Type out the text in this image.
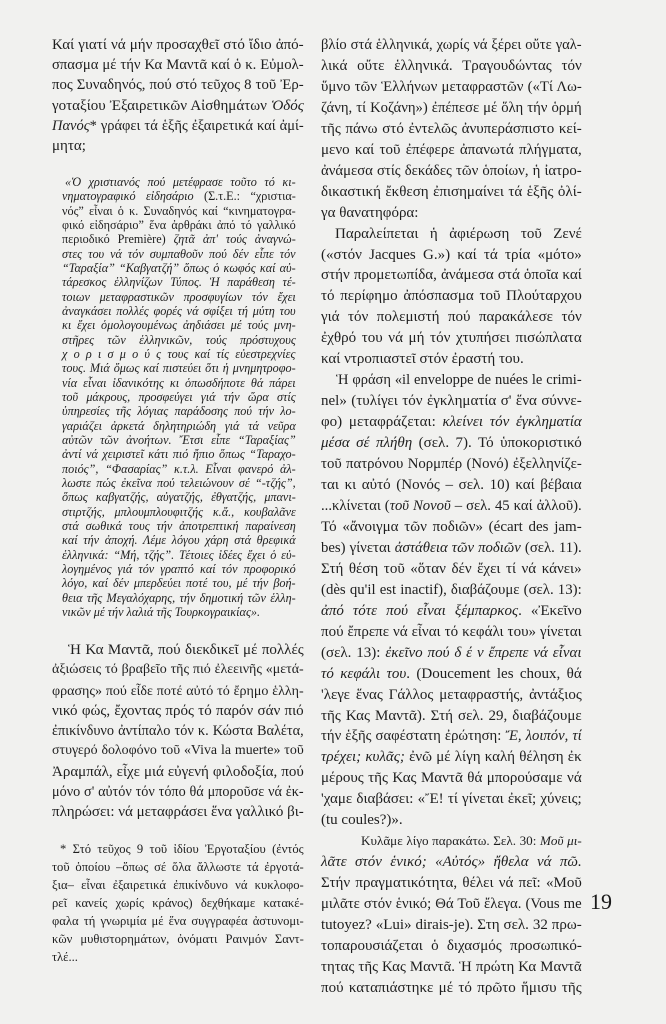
Καί γιατί νά μήν προσαχθεῖ στό ἴδιο ἀπό-
σπασμα μέ τήν Κα Μαντᾶ καί ὁ κ. Εὐμολ-
πος Συναδηνός, πού στό τεῦχος 8 τοῦ Ἐρ-
γοταξίου Ἐξαιρετικῶν Αἰσθημάτων Ὁδός
Πανός* γράφει τά ἑξῆς ἐξαιρετικά καί ἀμί-
μητα;
«Ὁ χριστιανός πού μετέφρασε τοῦτο τό κι-
νηματογραφικό εἰδησάριο (Σ.τ.Ε.: “χριστια-
νός” εἶναι ὁ κ. Συναδηνός καί “κινηματογρα-
φικό εἰδησάριο” ἕνα ἀρθράκι ἀπό τό γαλλικό
περιοδικό Première) ζητᾶ ἀπ' τούς ἀναγνώ-
στες του νά τόν συμπαθοῦν πού δέν εἶπε τόν
“Ταραξία” “Καβγατζή” ὅπως ὁ κωφός καί αὐ-
τάρεσκος ἑλληνίζων Τύπος. Ἡ παράθεση τέ-
τοιων μεταφραστικῶν προσφυγίων τόν ἔχει
ἀναγκάσει πολλές φορές νά σφίξει τή μύτη του
κι ἔχει ὁμολογουμένως ἀηδιάσει μέ τούς μνη-
στῆρες τῶν ἑλληνικῶν, τούς πρόστυχους
χ ο ρ ι σ μ ο ύ ς τους καί τίς εὐεστρεχνίες
τους. Μιά ὅμως καί πιστεύει ὅτι ἡ μνημητροφο-
νία εἶναι ἰδανικότης κι ὁπωσδήποτε θά πάρει
τοῦ μάκρους, προσφεύγει γιά τήν ὥρα στίς
ὑπηρεσίες τῆς λόγιας παράδοσης πού τήν λο-
γαριάζει ἀρκετά δηλητηριώδη γιά τά νεῦρα
αὐτῶν τῶν ἀνοήτων. Ἔτσι εἶπε “Ταραξίας”
ἀντί νά χειριστεῖ κάτι πιό ἤπιο ὅπως “Ταραχο-
ποιός”, “Φασαρίας” κ.τ.λ. Εἶναι φανερό ἀλ-
λωστε πώς ἐκεῖνα πού τελειώνουν σέ “-τζής”,
ὅπως καβγατζής, αὐγατζής, ἐθγατζής, μπανι-
στιρτζής, μπλουμπλουφιτζής κ.ἄ., κουβαλᾶνε
στά σωθικά τους τήν ἀποτρεπτική παραίνεση
καί τήν ἀποχή. Λέμε λόγου χάρη στά θρεφικά
ἑλληνικά: “Μή, τζής”. Τέτοιες ἰδέες ἔχει ὁ εὐ-
λογημένος γιά τόν γραπτό καί τόν προφορικό
λόγο, καί δέν μπερδεύει ποτέ του, μέ τήν βοή-
θεια τῆς Μεγαλόχαρης, τήν δημοτική τῶν ἑλλη-
νικῶν μέ τήν λαλιά τῆς Τουρκογραικίας».
Ἡ Κα Μαντᾶ, πού διεκδικεῖ μέ πολλές
ἀξιώσεις τό βραβεῖο τῆς πιό ἐλεεινῆς «μετά-
φρασης» πού εἶδε ποτέ αὐτό τό ἔρημο ἑλλη-
νικό φώς, ἔχοντας πρός τό παρόν σάν πιό
ἐπικίνδυνο ἀντίπαλο τόν κ. Κώστα Βαλέτα,
στυγερό δολοφόνο τοῦ «Viva la muerte» τοῦ
Ἀραμπάλ, εἶχε μιά εὐγενή φιλοδοξία, πού
μόνο σ' αὐτόν τόν τόπο θά μποροῦσε νά ἐκ-
πληρώσει: νά μεταφράσει ἕνα γαλλικό βι-
* Στό τεῦχος 9 τοῦ ἰδίου Ἐργοταξίου (ἐντός
τοῦ ὁποίου –ὅπως σέ ὅλα ἄλλωστε τά ἐργοτά-
ξια– εἶναι ἐξαιρετικά ἐπικίνδυνο νά κυκλοφο-
ρεῖ κανείς χωρίς κράνος) δεχθήκαμε κατακέ-
φαλα τή γνωριμία μέ ἕνα συγγραφέα ἀστυνομι-
κῶν μυθιστορημάτων, ὀνόματι Ραινμόν Σαντ-
τλέ...
βλίο στά ἑλληνικά, χωρίς νά ξέρει οὔτε γαλ-
λικά οὔτε ἑλληνικά. Τραγουδώντας τόν
ὕμνο τῶν Ἑλλήνων μεταφραστῶν («Τί Λω-
ζάνη, τί Κοζάνη») ἐπέπεσε μέ ὅλη τήν ὁρμή
τῆς πάνω στό ἐντελῶς ἀνυπεράσπιστο κεί-
μενο καί τοῦ ἐπέφερε ἀπανωτά πλήγματα,
ἀνάμεσα στίς δεκάδες τῶν ὁποίων, ἡ ἰατρο-
δικαστική ἔκθεση ἐπισημαίνει τά ἑξῆς ὀλί-
γα θανατηφόρα:
Παραλείπεται ἡ ἀφιέρωση τοῦ Ζενέ
(«στόν Jacques G.») καί τά τρία «μότο»
στήν προμετωπίδα, ἀνάμεσα στά ὁποῖα καί
τό περίφημο ἀπόσπασμα τοῦ Πλούταρχου
γιά τόν πολεμιστή πού παρακάλεσε τόν
ἐχθρό του νά μή τόν χτυπήσει πισώπλατα
καί ντροπιαστεῖ στόν ἐραστή του.
Ἡ φράση «il enveloppe de nuées le crimi-
nel» (τυλίγει τόν ἐγκληματία σ' ἕνα σύννε-
φο) μεταφράζεται: κλείνει τόν ἐγκληματία
μέσα σέ πλήθη (σελ. 7). Τό ὑποκοριστικό
τοῦ πατρόνου Νορμπέρ (Νονό) ἐξελληνίζε-
ται κι αὐτό (Νονός – σελ. 10) καί βέβαια
...κλίνεται (τοῦ Νονοῦ – σελ. 45 καί ἀλλοῦ).
Τό «ἄνοιγμα τῶν ποδιῶν» (écart des jam-
bes) γίνεται ἀστάθεια τῶν ποδιῶν (σελ. 11).
Στή θέση τοῦ «ὅταν δέν ἔχει τί νά κάνει»
(dès qu'il est inactif), διαβάζουμε (σελ. 13):
ἀπό τότε πού εἶναι ξέμπαρκος. «Ἐκεῖνο
πού ἔπρεπε νά εἶναι τό κεφάλι του» γίνεται
(σελ. 13): ἐκεῖνο πού δ έ ν ἔπρεπε νά εἶναι
τό κεφάλι του. (Doucement les choux, θά
'λεγε ἕνας Γάλλος μεταφραστής, ἀντάξιος
τῆς Κας Μαντᾶ). Στή σελ. 29, διαβάζουμε
τήν ἑξῆς σαφέστατη ἐρώτηση: Ἔ, λοιπόν, τί
τρέχει; κυλᾶς; ἐνῶ μέ λίγη καλή θέληση ἐκ
μέρους τῆς Κας Μαντᾶ θά μπορούσαμε νά
'χαμε διαβάσει: «Ἔ! τί γίνεται ἐκεῖ; χύνεις;
(tu coules?)».
Κυλᾶμε λίγο παρακάτω. Σελ. 30: Μοῦ μι-
λᾶτε στόν ἑνικό; «Αὐτός» ἤθελα νά πῶ.
Στήν πραγματικότητα, θέλει νά πεῖ: «Μοῦ
μιλᾶτε στόν ἑνικό; Θά Τοῦ ἔλεγα. (Vous me
tutoyez? «Lui» dirais-je). Στη σελ. 32 πρω-
τοπαρουσιάζεται ὁ διχασμός προσωπικό-
τητας τῆς Κας Μαντᾶ. Ἡ πρώτη Κα Μαντᾶ
πού καταπιάστηκε μέ τό πρῶτο ἥμισυ τῆς
19
